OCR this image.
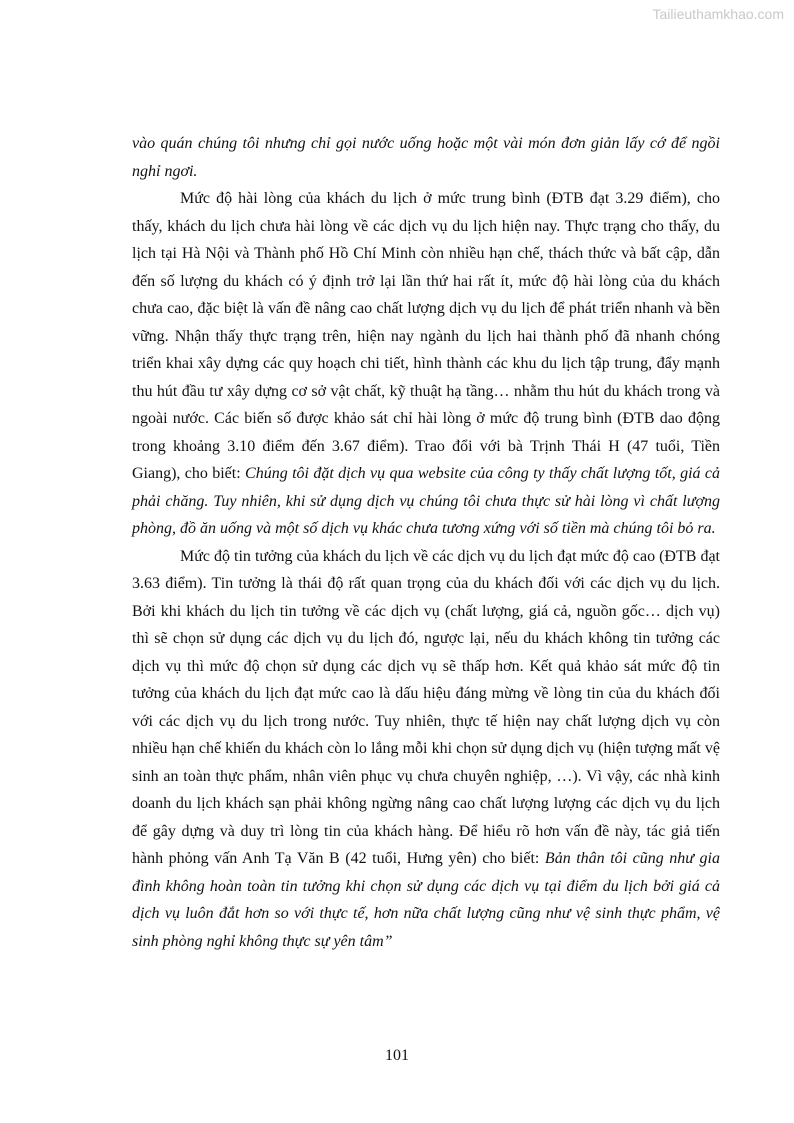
Tailieuthamkhao.com

vào quán chúng tôi nhưng chỉ gọi nước uống hoặc một vài món đơn giản lấy cớ để ngồi nghỉ ngơi.

Mức độ hài lòng của khách du lịch ở mức trung bình (ĐTB đạt 3.29 điểm), cho thấy, khách du lịch chưa hài lòng về các dịch vụ du lịch hiện nay. Thực trạng cho thấy, du lịch tại Hà Nội và Thành phố Hồ Chí Minh còn nhiều hạn chế, thách thức và bất cập, dẫn đến số lượng du khách có ý định trở lại lần thứ hai rất ít, mức độ hài lòng của du khách chưa cao, đặc biệt là vấn đề nâng cao chất lượng dịch vụ du lịch để phát triển nhanh và bền vững. Nhận thấy thực trạng trên, hiện nay ngành du lịch hai thành phố đã nhanh chóng triển khai xây dựng các quy hoạch chi tiết, hình thành các khu du lịch tập trung, đẩy mạnh thu hút đầu tư xây dựng cơ sở vật chất, kỹ thuật hạ tầng… nhằm thu hút du khách trong và ngoài nước. Các biến số được khảo sát chỉ hài lòng ở mức độ trung bình (ĐTB dao động trong khoảng 3.10 điểm đến 3.67 điểm). Trao đổi với bà Trịnh Thái H (47 tuổi, Tiền Giang), cho biết: Chúng tôi đặt dịch vụ qua website của công ty thấy chất lượng tốt, giá cả phải chăng. Tuy nhiên, khi sử dụng dịch vụ chúng tôi chưa thực sử hài lòng vì chất lượng phòng, đồ ăn uống và một số dịch vụ khác chưa tương xứng với số tiền mà chúng tôi bỏ ra.

Mức độ tin tưởng của khách du lịch về các dịch vụ du lịch đạt mức độ cao (ĐTB đạt 3.63 điểm). Tin tưởng là thái độ rất quan trọng của du khách đối với các dịch vụ du lịch. Bởi khi khách du lịch tin tưởng về các dịch vụ (chất lượng, giá cả, nguồn gốc… dịch vụ) thì sẽ chọn sử dụng các dịch vụ du lịch đó, ngược lại, nếu du khách không tin tưởng các dịch vụ thì mức độ chọn sử dụng các dịch vụ sẽ thấp hơn. Kết quả khảo sát mức độ tin tưởng của khách du lịch đạt mức cao là dấu hiệu đáng mừng về lòng tin của du khách đối với các dịch vụ du lịch trong nước. Tuy nhiên, thực tế hiện nay chất lượng dịch vụ còn nhiều hạn chế khiến du khách còn lo lắng mỗi khi chọn sử dụng dịch vụ (hiện tượng mất vệ sinh an toàn thực phẩm, nhân viên phục vụ chưa chuyên nghiệp, …). Vì vậy, các nhà kinh doanh du lịch khách sạn phải không ngừng nâng cao chất lượng lượng các dịch vụ du lịch để gây dựng và duy trì lòng tin của khách hàng. Để hiểu rõ hơn vấn đề này, tác giả tiến hành phỏng vấn Anh Tạ Văn B (42 tuổi, Hưng yên) cho biết: Bản thân tôi cũng như gia đình không hoàn toàn tin tưởng khi chọn sử dụng các dịch vụ tại điểm du lịch bởi giá cả dịch vụ luôn đắt hơn so với thực tế, hơn nữa chất lượng cũng như vệ sinh thực phẩm, vệ sinh phòng nghỉ không thực sự yên tâm”

101
